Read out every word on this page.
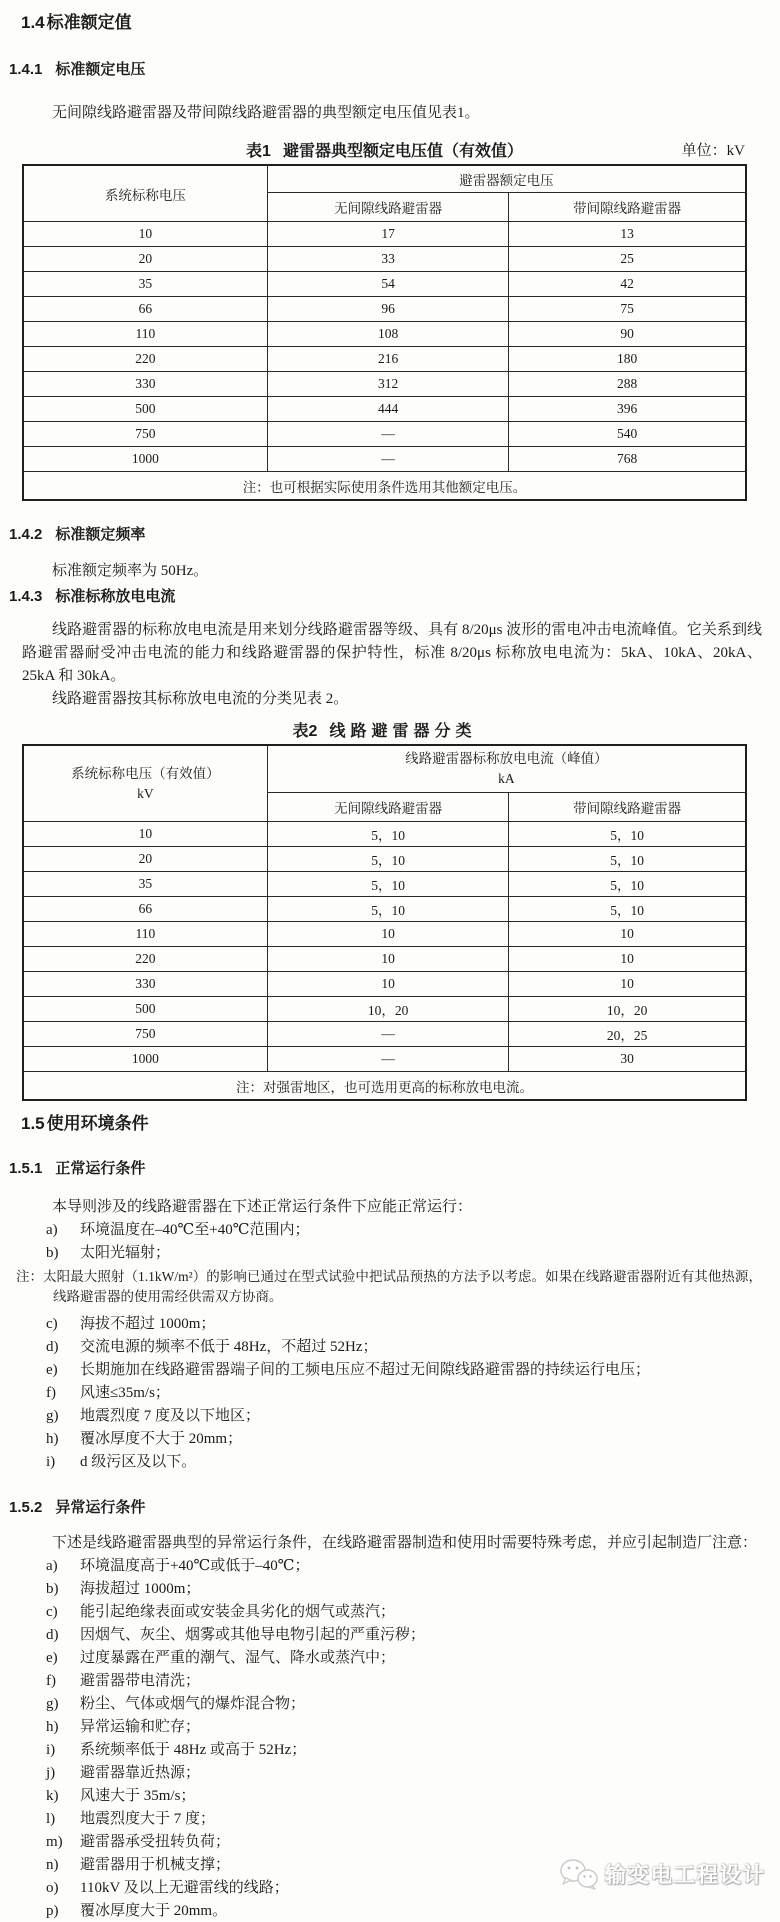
1.4 标准额定值
1.4.1 标准额定电压

无间隙线路避雷器及带间隙线路避雷器的典型额定电压值见表1。

表1 避雷器典型额定电压值（有效值）	单位：kV
系统标称电压	避雷器额定电压	
	无间隙线路避雷器	带间隙线路避雷器
10	17	13
20	33	25
35	54	42
66	96	75
110	108	90
220	216	180
330	312	288
500	444	396
750	—	540
1000	—	768
注：也可根据实际使用条件选用其他额定电压。		
1.4.2 标准额定频率

标准额定频率为 50Hz。

1.4.3 标准标称放电电流

线路避雷器的标称放电电流是用来划分线路避雷器等级、具有 8/20μs 波形的雷电冲击电流峰值。它关系到线路避雷器耐受冲击电流的能力和线路避雷器的保护特性，标准 8/20μs 标称放电电流为：5kA、10kA、20kA、25kA 和 30kA。

线路避雷器按其标称放电电流的分类见表 2。

表2 线路避雷器分类
系统标称电压（有效值）
kV

线路避雷器标称放电电流（峰值）
kA

	无间隙线路避雷器	带间隙线路避雷器
10	5，10	5，10
20	5，10	5，10
35	5，10	5，10
66	5，10	5，10
110	10	10
220	10	10
330	10	10
500	10，20	10，20
750	—	20，25
1000	—	30
注：对强雷地区，也可选用更高的标称放电电流。		
1.5 使用环境条件
1.5.1 正常运行条件

本导则涉及的线路避雷器在下述正常运行条件下应能正常运行：

a)	环境温度在–40℃至+40℃范围内；
b)	太阳光辐射；
注：太阳最大照射（1.1kW/m²）的影响已通过在型式试验中把试品预热的方法予以考虑。如果在线路避雷器附近有其他热源，线路避雷器的使用需经供需双方协商。
c)	海拔不超过 1000m；
d)	交流电源的频率不低于 48Hz，不超过 52Hz；
e)	长期施加在线路避雷器端子间的工频电压应不超过无间隙线路避雷器的持续运行电压；
f)	风速≤35m/s；
g)	地震烈度 7 度及以下地区；
h)	覆冰厚度不大于 20mm；
i)	d 级污区及以下。
1.5.2 异常运行条件

下述是线路避雷器典型的异常运行条件，在线路避雷器制造和使用时需要特殊考虑，并应引起制造厂注意：

a)	环境温度高于+40℃或低于–40℃；
b)	海拔超过 1000m；
c)	能引起绝缘表面或安装金具劣化的烟气或蒸汽；
d)	因烟气、灰尘、烟雾或其他导电物引起的严重污秽；
e)	过度暴露在严重的潮气、湿气、降水或蒸汽中；
f)	避雷器带电清洗；
g)	粉尘、气体或烟气的爆炸混合物；
h)	异常运输和贮存；
i)	系统频率低于 48Hz 或高于 52Hz；
j)	避雷器靠近热源；
k)	风速大于 35m/s；
l)	地震烈度大于 7 度；
m)	避雷器承受扭转负荷；
n)	避雷器用于机械支撑；
o)	110kV 及以上无避雷线的线路；
p)	覆冰厚度大于 20mm。
输变电工程设计
